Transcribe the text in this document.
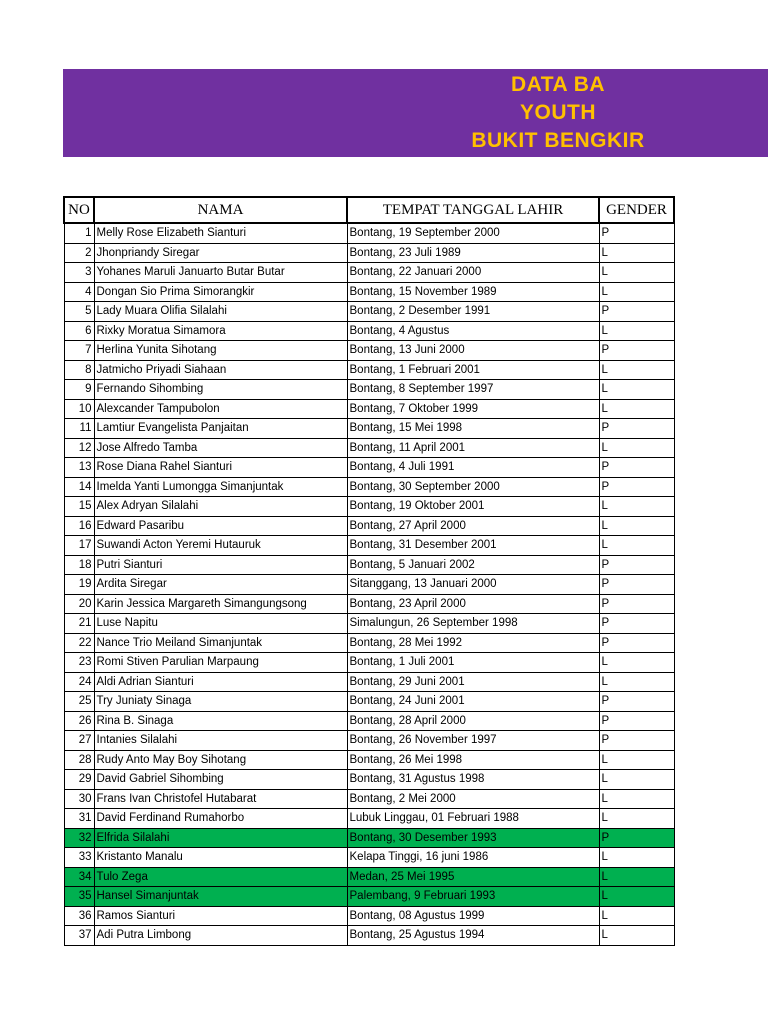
DATA BA
YOUTH
BUKIT BENGKIR
NO	NAMA	TEMPAT TANGGAL LAHIR	GENDER
1	Melly Rose Elizabeth Sianturi	Bontang, 19 September 2000	P
2	Jhonpriandy Siregar	Bontang, 23 Juli 1989	L
3	Yohanes Maruli Januarto Butar Butar	Bontang, 22 Januari 2000	L
4	Dongan Sio Prima Simorangkir	Bontang, 15 November 1989	L
5	Lady Muara Olifia Silalahi	Bontang, 2 Desember 1991	P
6	Rixky Moratua Simamora	Bontang, 4 Agustus	L
7	Herlina Yunita Sihotang	Bontang, 13 Juni 2000	P
8	Jatmicho Priyadi Siahaan	Bontang, 1 Februari 2001	L
9	Fernando Sihombing	Bontang, 8 September 1997	L
10	Alexcander Tampubolon	Bontang, 7 Oktober 1999	L
11	Lamtiur Evangelista Panjaitan	Bontang, 15 Mei 1998	P
12	Jose Alfredo Tamba	Bontang, 11 April 2001	L
13	Rose Diana Rahel Sianturi	Bontang, 4 Juli 1991	P
14	Imelda Yanti Lumongga Simanjuntak	Bontang, 30 September 2000	P
15	Alex Adryan Silalahi	Bontang, 19 Oktober 2001	L
16	Edward Pasaribu	Bontang, 27 April 2000	L
17	Suwandi Acton Yeremi Hutauruk	Bontang, 31 Desember 2001	L
18	Putri Sianturi	Bontang, 5 Januari 2002	P
19	Ardita Siregar	Sitanggang, 13 Januari 2000	P
20	Karin Jessica Margareth Simangungsong	Bontang, 23 April 2000	P
21	Luse Napitu	Simalungun, 26 September 1998	P
22	Nance Trio Meiland Simanjuntak	Bontang, 28 Mei 1992	P
23	Romi Stiven Parulian Marpaung	Bontang, 1 Juli 2001	L
24	Aldi Adrian Sianturi	Bontang, 29 Juni 2001	L
25	Try Juniaty Sinaga	Bontang, 24 Juni 2001	P
26	Rina B. Sinaga	Bontang, 28 April 2000	P
27	Intanies Silalahi	Bontang, 26 November 1997	P
28	Rudy Anto May Boy Sihotang	Bontang, 26 Mei 1998	L
29	David Gabriel Sihombing	Bontang, 31 Agustus 1998	L
30	Frans Ivan Christofel Hutabarat	Bontang, 2 Mei 2000	L
31	David Ferdinand Rumahorbo	Lubuk Linggau, 01 Februari 1988	L
32	Elfrida Silalahi	Bontang, 30 Desember 1993	P
33	Kristanto Manalu	Kelapa Tinggi, 16 juni 1986	L
34	Tulo Zega	Medan, 25 Mei 1995	L
35	Hansel Simanjuntak	Palembang, 9 Februari 1993	L
36	Ramos Sianturi	Bontang, 08 Agustus 1999	L
37	Adi Putra Limbong	Bontang, 25 Agustus 1994	L
